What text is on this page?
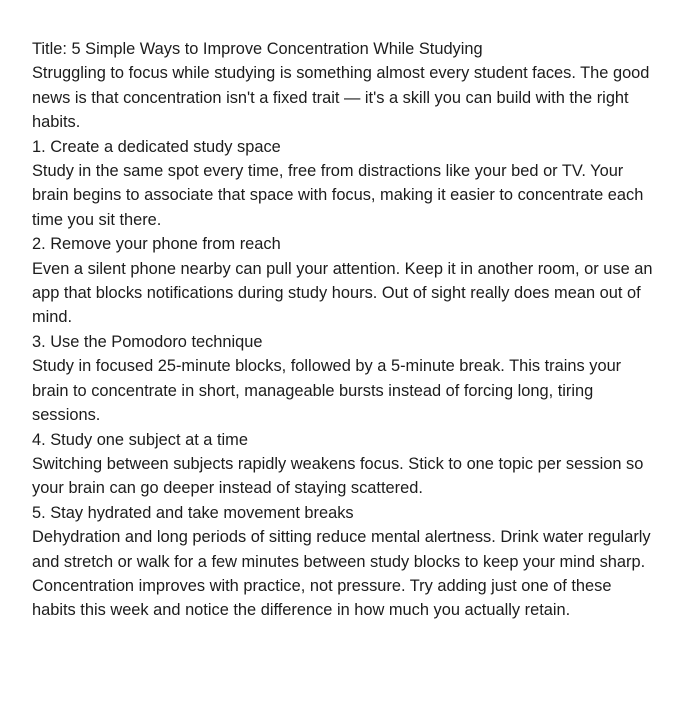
Title: 5 Simple Ways to Improve Concentration While Studying

Struggling to focus while studying is something almost every student faces. The good news is that concentration isn't a fixed trait — it's a skill you can build with the right habits.

1. Create a dedicated study space

Study in the same spot every time, free from distractions like your bed or TV. Your brain begins to associate that space with focus, making it easier to concentrate each time you sit there.

2. Remove your phone from reach

Even a silent phone nearby can pull your attention. Keep it in another room, or use an app that blocks notifications during study hours. Out of sight really does mean out of mind.

3. Use the Pomodoro technique

Study in focused 25-minute blocks, followed by a 5-minute break. This trains your brain to concentrate in short, manageable bursts instead of forcing long, tiring sessions.

4. Study one subject at a time

Switching between subjects rapidly weakens focus. Stick to one topic per session so your brain can go deeper instead of staying scattered.

5. Stay hydrated and take movement breaks

Dehydration and long periods of sitting reduce mental alertness. Drink water regularly and stretch or walk for a few minutes between study blocks to keep your mind sharp.

Concentration improves with practice, not pressure. Try adding just one of these habits this week and notice the difference in how much you actually retain.
